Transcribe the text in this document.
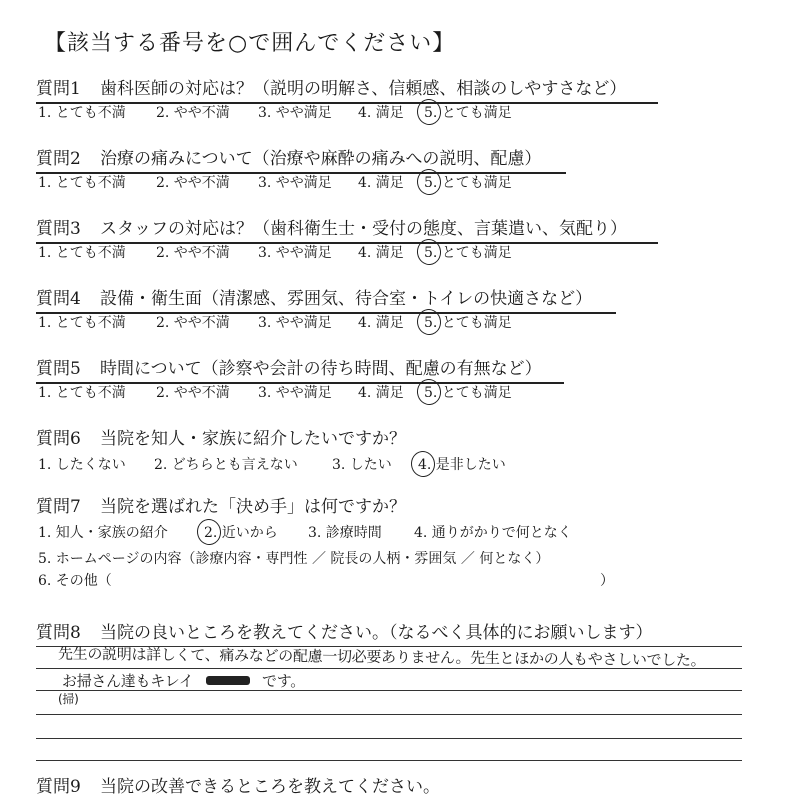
【該当する番号を○で囲んでください】
質問1 歯科医師の対応は？（説明の明解さ、信頼感、相談のしやすさなど）
1. とても不満 2. やや不満 3. やや満足 4. 満足 5. とても満足
質問2 治療の痛みについて（治療や麻酔の痛みへの説明、配慮）
1. とても不満 2. やや不満 3. やや満足 4. 満足 5. とても満足
質問3 スタッフの対応は？（歯科衛生士・受付の態度、言葉遣い、気配り）
1. とても不満 2. やや不満 3. やや満足 4. 満足 5. とても満足
質問4 設備・衛生面（清潔感、雰囲気、待合室・トイレの快適さなど）
1. とても不満 2. やや不満 3. やや満足 4. 満足 5. とても満足
質問5 時間について（診察や会計の待ち時間、配慮の有無など）
1. とても不満 2. やや不満 3. やや満足 4. 満足 5. とても満足
質問6 当院を知人・家族に紹介したいですか？
1. したくない 2. どちらとも言えない 3. したい 4. 是非したい
質問7 当院を選ばれた「決め手」は何ですか？
1. 知人・家族の紹介	2. 近いから 3. 診療時間 4. 通りがかりで何となく
5. ホームページの内容（診療内容・専門性 ／ 院長の人柄・雰囲気 ／ 何となく）
6. その他（	）
質問8 当院の良いところを教えてください。（なるべく具体的にお願いします）
先生の説明は詳しくて、痛みなどの配慮一切必要ありません。先生とほかの人もやさしいでした。
お掃さん達もキレイ	です。
(掃)
質問9 当院の改善できるところを教えてください。
